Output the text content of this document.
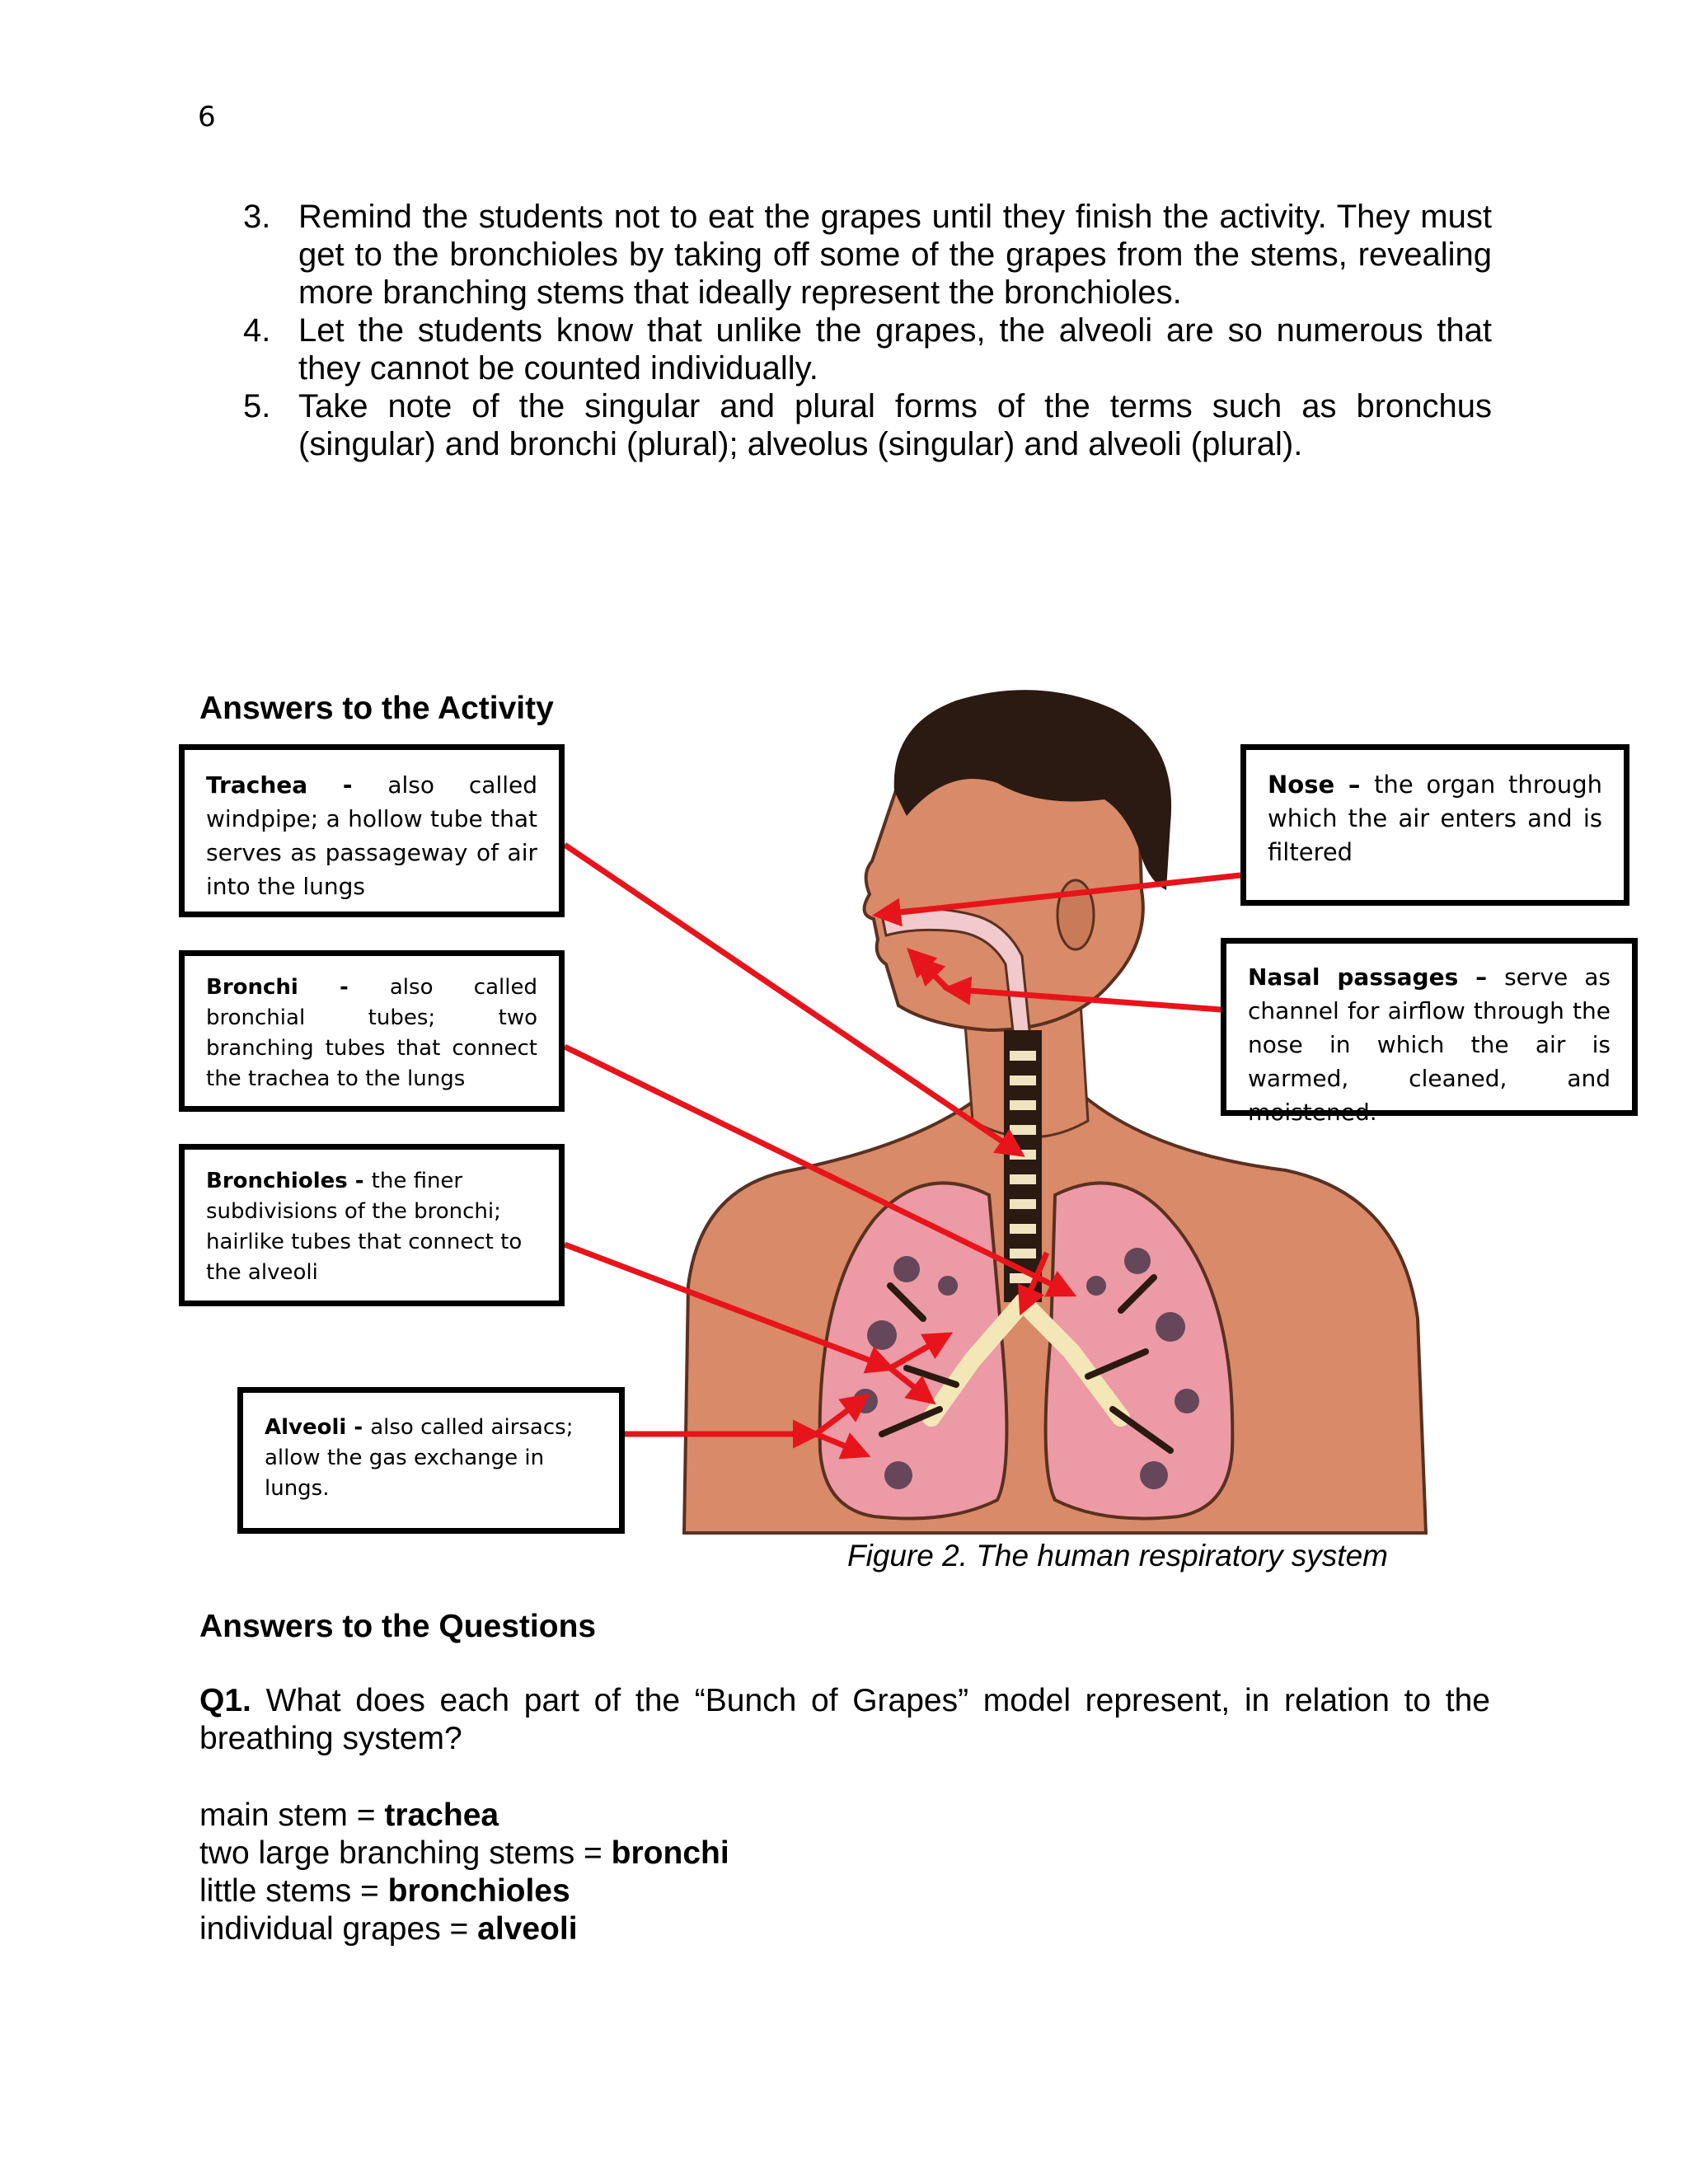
6
3. Remind the students not to eat the grapes until they finish the activity. They must get to the bronchioles by taking off some of the grapes from the stems, revealing more branching stems that ideally represent the bronchioles.
4. Let the students know that unlike the grapes, the alveoli are so numerous that they cannot be counted individually.
5. Take note of the singular and plural forms of the terms such as bronchus (singular) and bronchi (plural); alveolus (singular) and alveoli (plural).
Answers to the Activity

Trachea - also called windpipe; a hollow tube that serves as passageway of air into the lungs

Bronchi - also called bronchial tubes; two branching tubes that connect the trachea to the lungs

Bronchioles - the finer subdivisions of the bronchi; hairlike tubes that connect to the alveoli

Alveoli - also called airsacs; allow the gas exchange in lungs.

Nose – the organ through which the air enters and is filtered

Nasal passages – serve as channel for airflow through the nose in which the air is warmed, cleaned, and moistened.

Figure 2. The human respiratory system
Answers to the Questions

Q1. What does each part of the “Bunch of Grapes” model represent, in relation to the breathing system?

main stem = trachea
two large branching stems = bronchi
little stems = bronchioles
individual grapes = alveoli
